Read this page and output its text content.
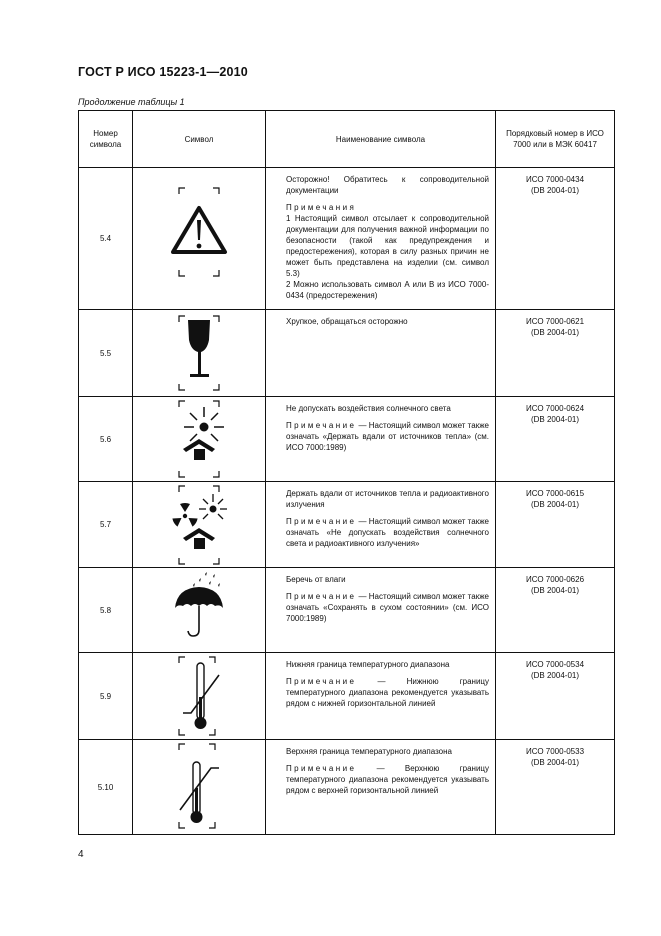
ГОСТ Р ИСО 15223-1—2010
Продолжение таблицы 1
Номер символа	Символ	Наименование символа	Порядковый номер в ИСО 7000 или в МЭК 60417
5.4		Осторожно! Обратитесь к сопроводительной документации
Примечания
1 Настоящий символ отсылает к сопроводительной документации для получения важной информации по безопасности (такой как предупреждения и предостережения), которая в силу разных причин не может быть представлена на изделии (см. символ 5.3)
2 Можно использовать символ А или В из ИСО 7000-0434 (предостережения)	ИСО 7000-0434
(DB 2004-01)

5.5		Хрупкое, обращаться осторожно	ИСО 7000-0621
(DB 2004-01)

5.6		Не допускать воздействия солнечного света
Примечание — Настоящий символ может также означать «Держать вдали от источников тепла» (см. ИСО 7000:1989)	ИСО 7000-0624
(DB 2004-01)

5.7		Держать вдали от источников тепла и радиоактивного излучения
Примечание — Настоящий символ может также означать «Не допускать воздействия солнечного света и радиоактивного излучения»	ИСО 7000-0615
(DB 2004-01)

5.8		Беречь от влаги
Примечание — Настоящий символ может также означать «Сохранять в сухом состоянии» (см. ИСО 7000:1989)	ИСО 7000-0626
(DB 2004-01)

5.9		Нижняя граница температурного диапазона
Примечание — Нижнюю границу температурного диапазона рекомендуется указывать рядом с нижней горизонтальной линией	ИСО 7000-0534
(DB 2004-01)

5.10		Верхняя граница температурного диапазона
Примечание — Верхнюю границу температурного диапазона рекомендуется указывать рядом с верхней горизонтальной линией	ИСО 7000-0533
(DB 2004-01)
4
